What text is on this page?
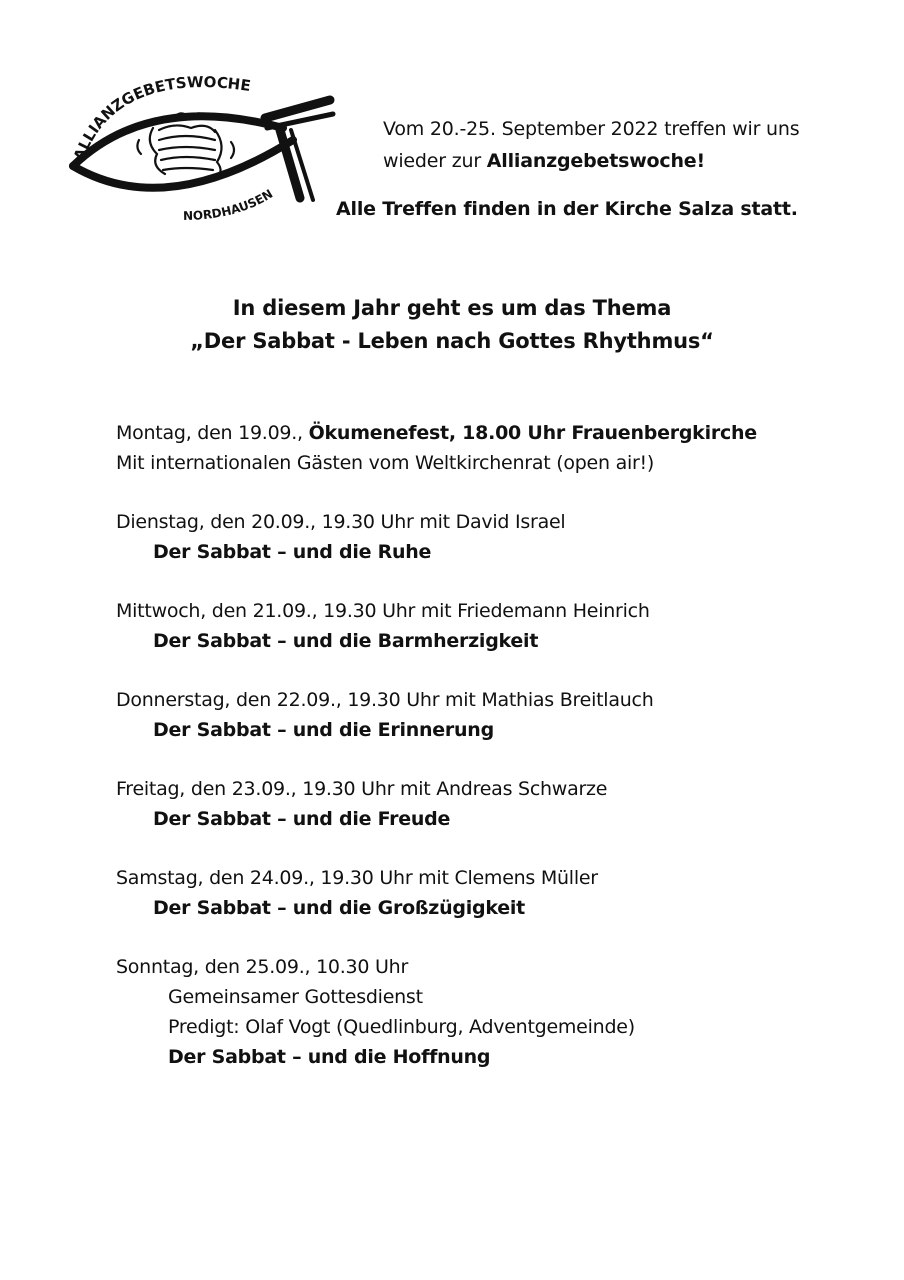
ALLIANZGEBETSWOCHE
NORDHAUSEN
Vom 20.-25. September 2022 treffen wir uns
wieder zur Allianzgebetswoche!
Alle Treffen finden in der Kirche Salza statt.
In diesem Jahr geht es um das Thema
„Der Sabbat - Leben nach Gottes Rhythmus“
Montag, den 19.09., Ökumenefest, 18.00 Uhr Frauenbergkirche
Mit internationalen Gästen vom Weltkirchenrat (open air!)
Dienstag, den 20.09., 19.30 Uhr mit David Israel
Der Sabbat – und die Ruhe
Mittwoch, den 21.09., 19.30 Uhr mit Friedemann Heinrich
Der Sabbat – und die Barmherzigkeit
Donnerstag, den 22.09., 19.30 Uhr mit Mathias Breitlauch
Der Sabbat – und die Erinnerung
Freitag, den 23.09., 19.30 Uhr mit Andreas Schwarze
Der Sabbat – und die Freude
Samstag, den 24.09., 19.30 Uhr mit Clemens Müller
Der Sabbat – und die Großzügigkeit
Sonntag, den 25.09., 10.30 Uhr
Gemeinsamer Gottesdienst
Predigt: Olaf Vogt (Quedlinburg, Adventgemeinde)
Der Sabbat – und die Hoffnung
